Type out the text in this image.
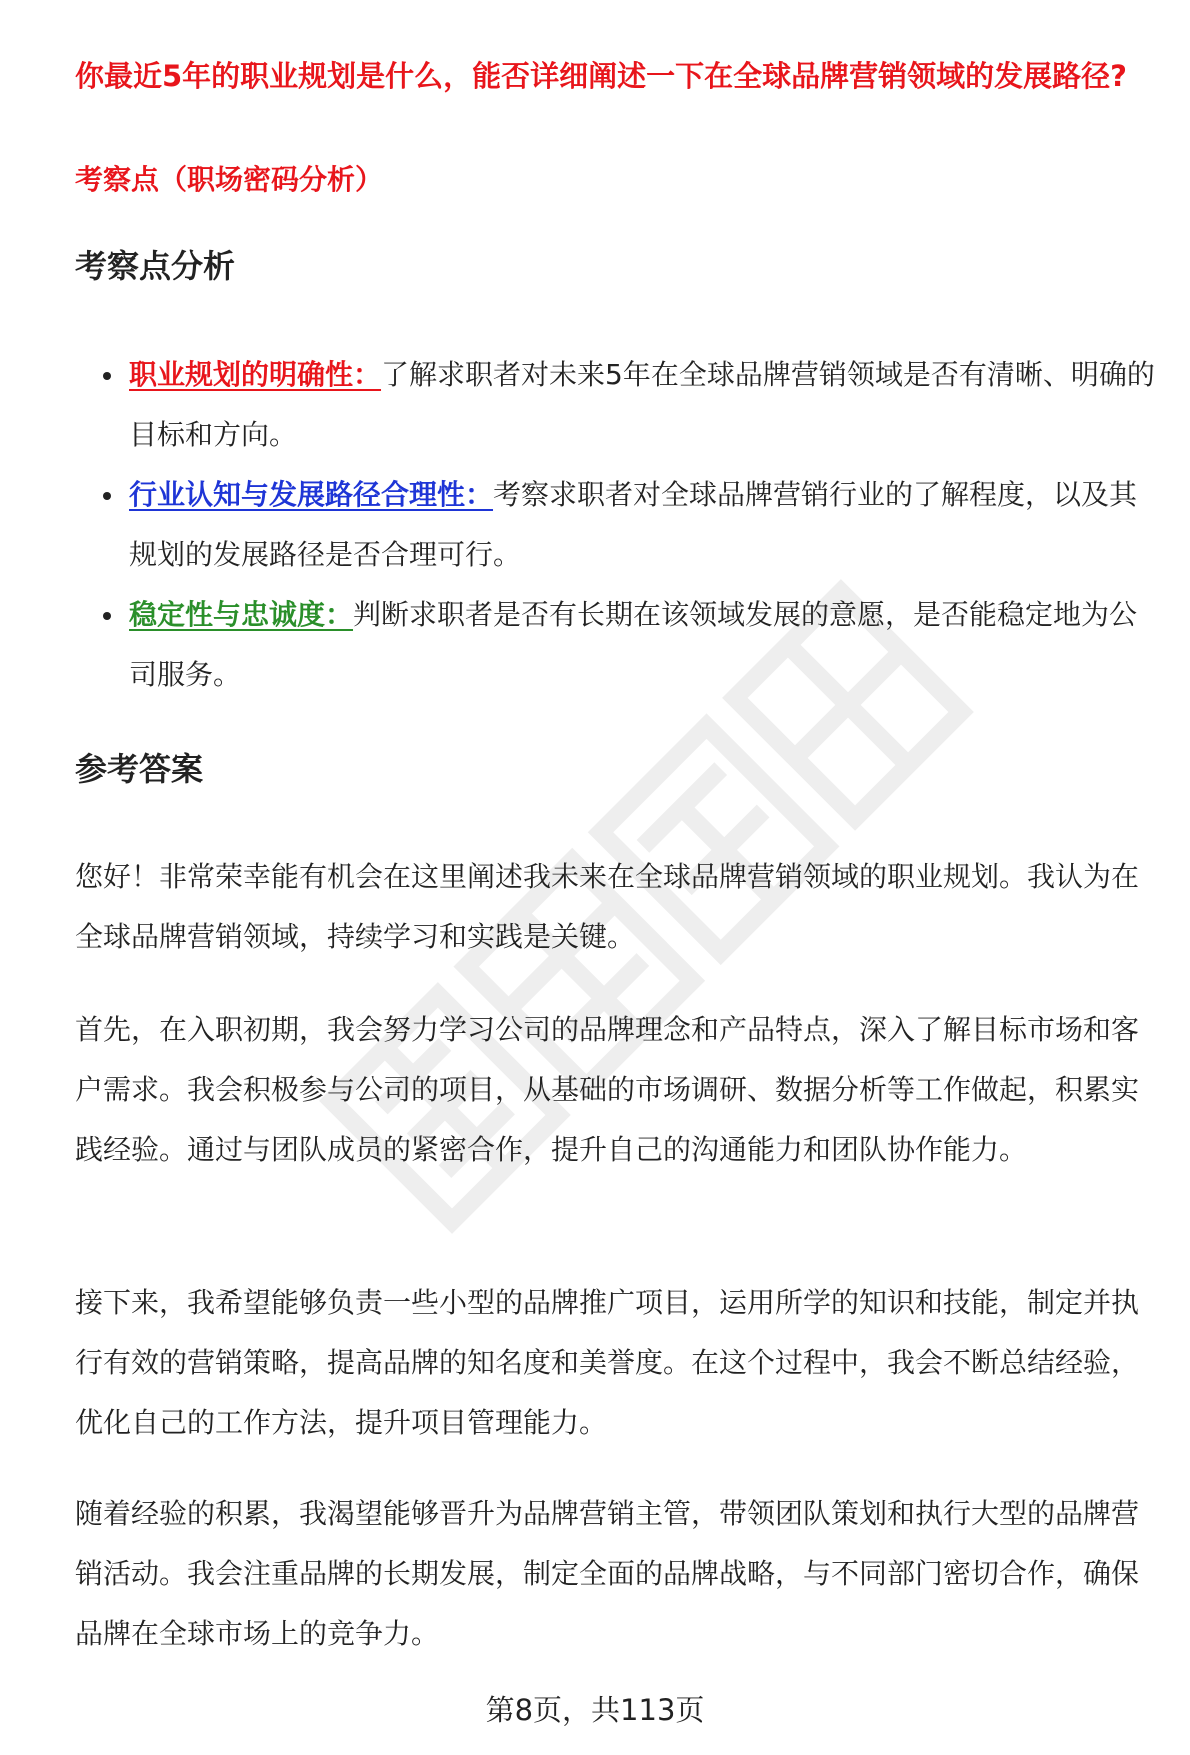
你最近5年的职业规划是什么，能否详细阐述一下在全球品牌营销领域的发展路径?
考察点（职场密码分析）
考察点分析
职业规划的明确性：了解求职者对未来5年在全球品牌营销领域是否有清晰、明确的目标和方向。
行业认知与发展路径合理性：考察求职者对全球品牌营销行业的了解程度，以及其规划的发展路径是否合理可行。
稳定性与忠诚度：判断求职者是否有长期在该领域发展的意愿，是否能稳定地为公司服务。
参考答案

您好！非常荣幸能有机会在这里阐述我未来在全球品牌营销领域的职业规划。我认为在全球品牌营销领域，持续学习和实践是关键。

首先，在入职初期，我会努力学习公司的品牌理念和产品特点，深入了解目标市场和客户需求。我会积极参与公司的项目，从基础的市场调研、数据分析等工作做起，积累实践经验。通过与团队成员的紧密合作，提升自己的沟通能力和团队协作能力。

接下来，我希望能够负责一些小型的品牌推广项目，运用所学的知识和技能，制定并执行有效的营销策略，提高品牌的知名度和美誉度。在这个过程中，我会不断总结经验，优化自己的工作方法，提升项目管理能力。

随着经验的积累，我渴望能够晋升为品牌营销主管，带领团队策划和执行大型的品牌营销活动。我会注重品牌的长期发展，制定全面的品牌战略，与不同部门密切合作，确保品牌在全球市场上的竞争力。

第8页，共113页
